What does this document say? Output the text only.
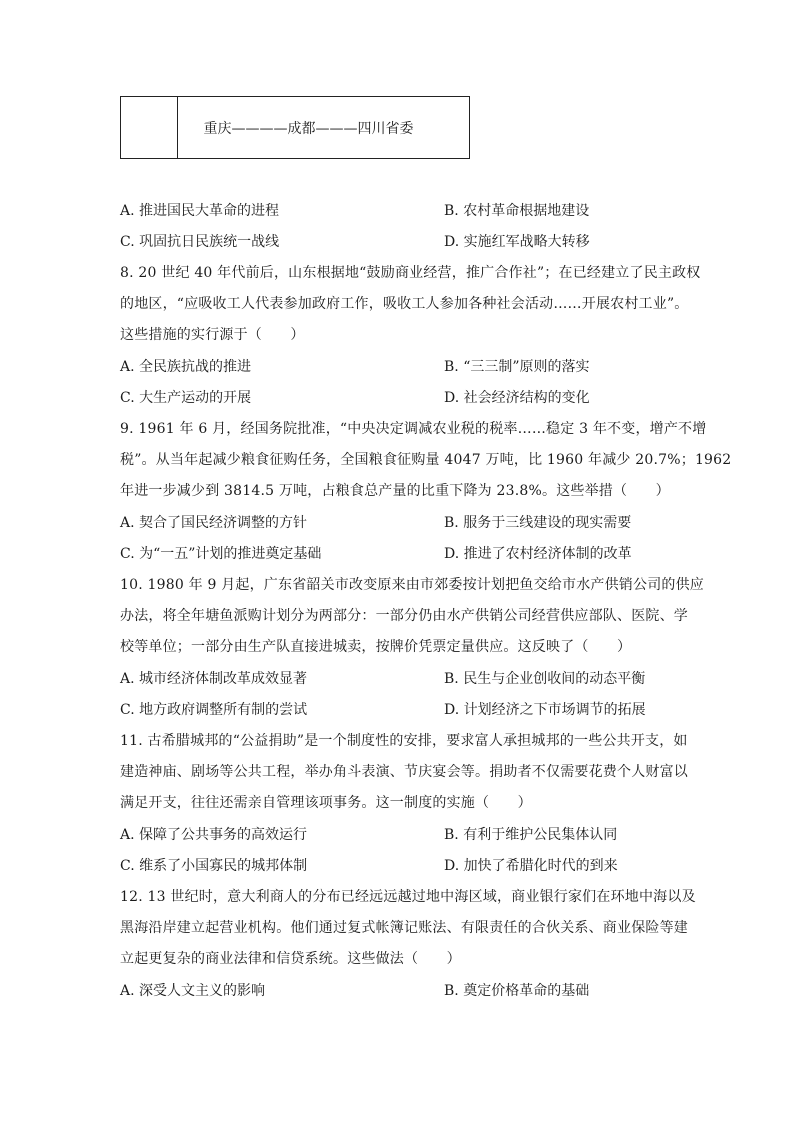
重庆————成都———四川省委
A. 推进国民大革命的进程	B. 农村革命根据地建设
C. 巩固抗日民族统一战线	D. 实施红军战略大转移
8. 20 世纪 40 年代前后，山东根据地“鼓励商业经营，推广合作社”；在已经建立了民主政权
的地区，“应吸收工人代表参加政府工作，吸收工人参加各种社会活动……开展农村工业”。
这些措施的实行源于（　　）
A. 全民族抗战的推进	B. “三三制”原则的落实
C. 大生产运动的开展	D. 社会经济结构的变化
9. 1961 年 6 月，经国务院批准，“中央决定调减农业税的税率……稳定 3 年不变，增产不增
税”。从当年起减少粮食征购任务，全国粮食征购量 4047 万吨，比 1960 年减少 20.7%；1962
年进一步减少到 3814.5 万吨，占粮食总产量的比重下降为 23.8%。这些举措（　　）
A. 契合了国民经济调整的方针	B. 服务于三线建设的现实需要
C. 为“一五”计划的推进奠定基础	D. 推进了农村经济体制的改革
10. 1980 年 9 月起，广东省韶关市改变原来由市郊委按计划把鱼交给市水产供销公司的供应
办法，将全年塘鱼派购计划分为两部分：一部分仍由水产供销公司经营供应部队、医院、学
校等单位；一部分由生产队直接进城卖，按牌价凭票定量供应。这反映了（　　）
A. 城市经济体制改革成效显著	B. 民生与企业创收间的动态平衡
C. 地方政府调整所有制的尝试	D. 计划经济之下市场调节的拓展
11. 古希腊城邦的“公益捐助”是一个制度性的安排，要求富人承担城邦的一些公共开支，如
建造神庙、剧场等公共工程，举办角斗表演、节庆宴会等。捐助者不仅需要花费个人财富以
满足开支，往往还需亲自管理该项事务。这一制度的实施（　　）
A. 保障了公共事务的高效运行	B. 有利于维护公民集体认同
C. 维系了小国寡民的城邦体制	D. 加快了希腊化时代的到来
12. 13 世纪时，意大利商人的分布已经远远越过地中海区域，商业银行家们在环地中海以及
黑海沿岸建立起营业机构。他们通过复式帐簿记账法、有限责任的合伙关系、商业保险等建
立起更复杂的商业法律和信贷系统。这些做法（　　）
A. 深受人文主义的影响	B. 奠定价格革命的基础
